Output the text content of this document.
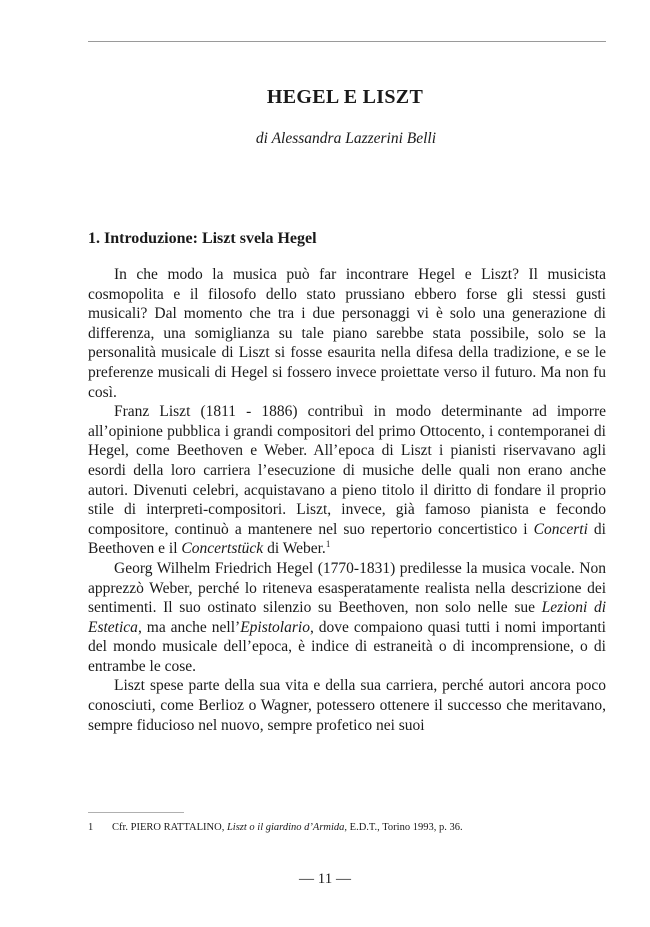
HEGEL E LISZT
di Alessandra Lazzerini Belli
1. Introduzione: Liszt svela Hegel

In che modo la musica può far incontrare Hegel e Liszt? Il musicista cosmopolita e il filosofo dello stato prussiano ebbero forse gli stessi gusti musicali? Dal momento che tra i due personaggi vi è solo una generazione di differenza, una somiglianza su tale piano sarebbe stata possibile, solo se la personalità musicale di Liszt si fosse esaurita nella difesa della tradizione, e se le preferenze musicali di Hegel si fossero invece proiettate verso il futuro. Ma non fu così.

Franz Liszt (1811 - 1886) contribuì in modo determinante ad imporre all’opinione pubblica i grandi compositori del primo Ottocento, i contemporanei di Hegel, come Beethoven e Weber. All’epoca di Liszt i pianisti riservavano agli esordi della loro carriera l’esecuzione di musiche delle quali non erano anche autori. Divenuti celebri, acquistavano a pieno titolo il diritto di fondare il proprio stile di interpreti-compositori. Liszt, invece, già famoso pianista e fecondo compositore, continuò a mantenere nel suo repertorio concertistico i Concerti di Beethoven e il Concertstück di Weber.$^1$

Georg Wilhelm Friedrich Hegel (1770-1831) predilesse la musica vocale. Non apprezzò Weber, perché lo riteneva esasperatamente realista nella descrizione dei sentimenti. Il suo ostinato silenzio su Beethoven, non solo nelle sue Lezioni di Estetica, ma anche nell’Epistolario, dove compaiono quasi tutti i nomi importanti del mondo musicale dell’epoca, è indice di estraneità o di incomprensione, o di entrambe le cose.

Liszt spese parte della sua vita e della sua carriera, perché autori ancora poco conosciuti, come Berlioz o Wagner, potessero ottenere il successo che meritavano, sempre fiducioso nel nuovo, sempre profetico nei suoi

1 Cfr. PIERO RATTALINO, Liszt o il giardino d’Armida, E.D.T., Torino 1993, p. 36.
— 11 —
